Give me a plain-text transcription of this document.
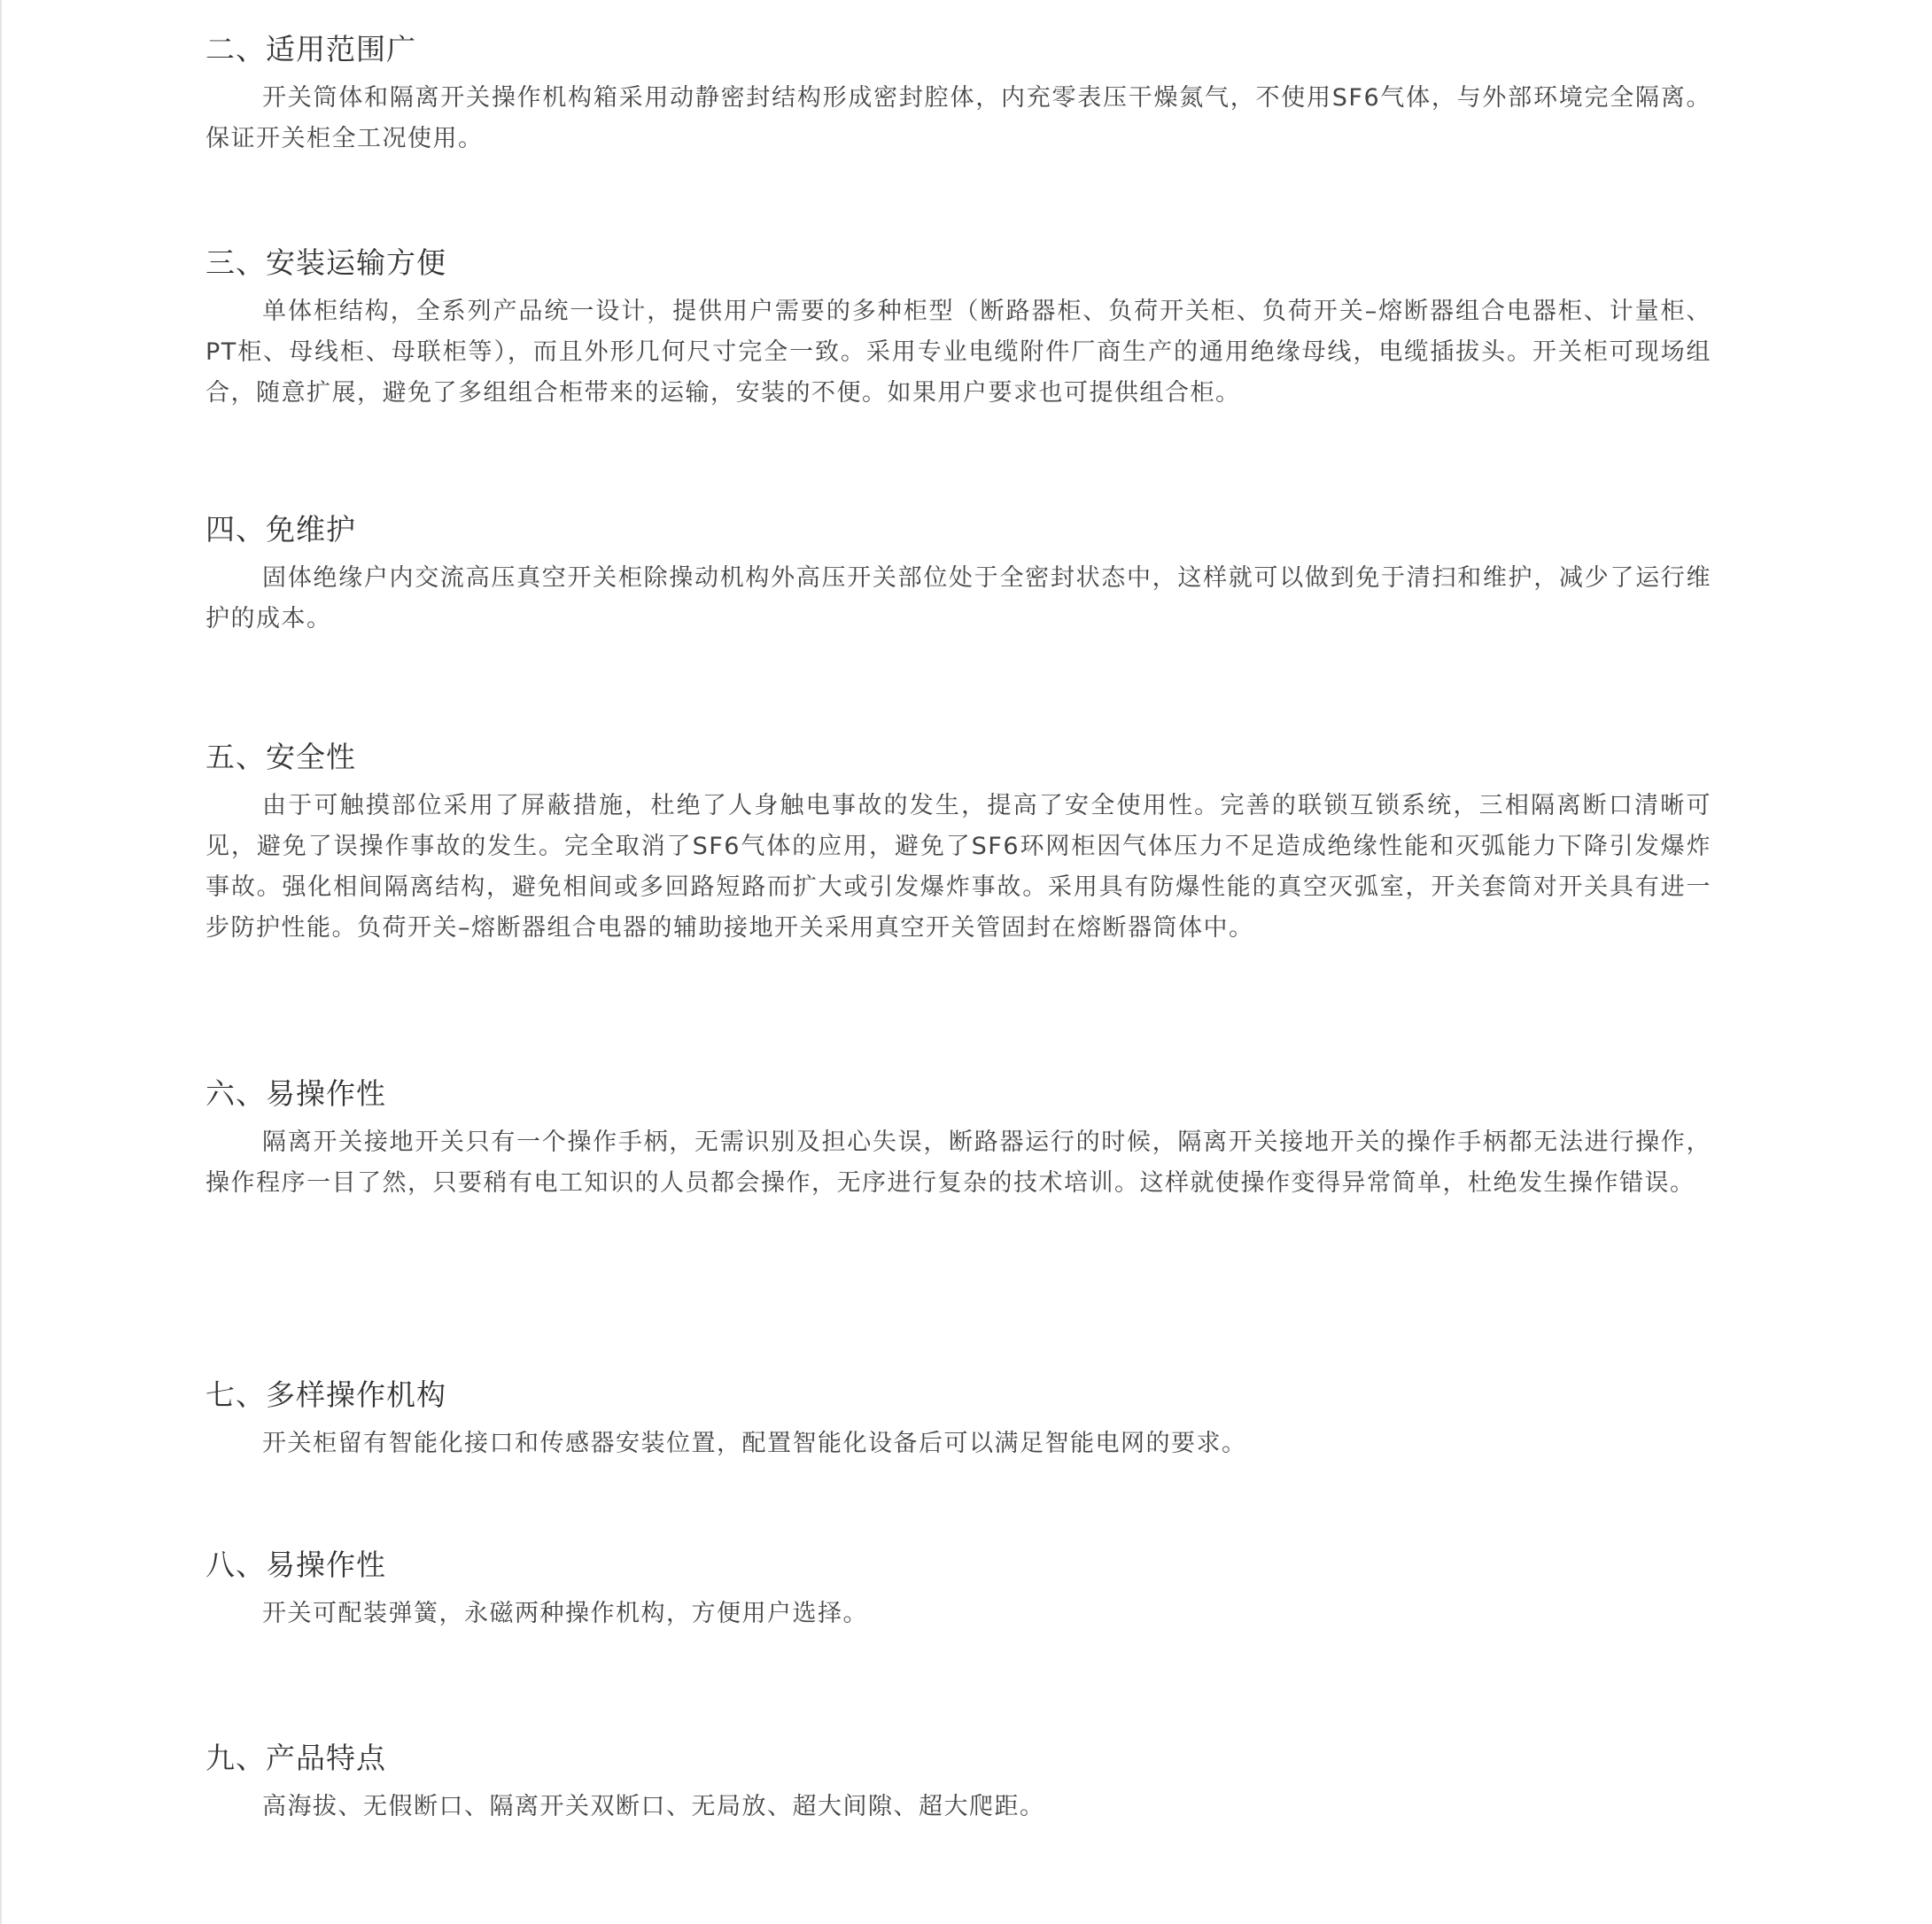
二、适用范围广

开关筒体和隔离开关操作机构箱采用动静密封结构形成密封腔体，内充零表压干燥氮气，不使用SF6气体，与外部环境完全隔离。保证开关柜全工况使用。

三、安装运输方便

单体柜结构，全系列产品统一设计，提供用户需要的多种柜型（断路器柜、负荷开关柜、负荷开关–熔断器组合电器柜、计量柜、PT柜、母线柜、母联柜等），而且外形几何尺寸完全一致。采用专业电缆附件厂商生产的通用绝缘母线，电缆插拔头。开关柜可现场组合，随意扩展，避免了多组组合柜带来的运输，安装的不便。如果用户要求也可提供组合柜。

四、免维护

固体绝缘户内交流高压真空开关柜除操动机构外高压开关部位处于全密封状态中，这样就可以做到免于清扫和维护，减少了运行维护的成本。

五、安全性

由于可触摸部位采用了屏蔽措施，杜绝了人身触电事故的发生，提高了安全使用性。完善的联锁互锁系统，三相隔离断口清晰可见，避免了误操作事故的发生。完全取消了SF6气体的应用，避免了SF6环网柜因气体压力不足造成绝缘性能和灭弧能力下降引发爆炸事故。强化相间隔离结构，避免相间或多回路短路而扩大或引发爆炸事故。采用具有防爆性能的真空灭弧室，开关套筒对开关具有进一步防护性能。负荷开关–熔断器组合电器的辅助接地开关采用真空开关管固封在熔断器筒体中。

六、易操作性

隔离开关接地开关只有一个操作手柄，无需识别及担心失误，断路器运行的时候，隔离开关接地开关的操作手柄都无法进行操作，操作程序一目了然，只要稍有电工知识的人员都会操作，无序进行复杂的技术培训。这样就使操作变得异常简单，杜绝发生操作错误。

七、多样操作机构

开关柜留有智能化接口和传感器安装位置，配置智能化设备后可以满足智能电网的要求。

八、易操作性

开关可配装弹簧，永磁两种操作机构，方便用户选择。

九、产品特点

高海拔、无假断口、隔离开关双断口、无局放、超大间隙、超大爬距。
